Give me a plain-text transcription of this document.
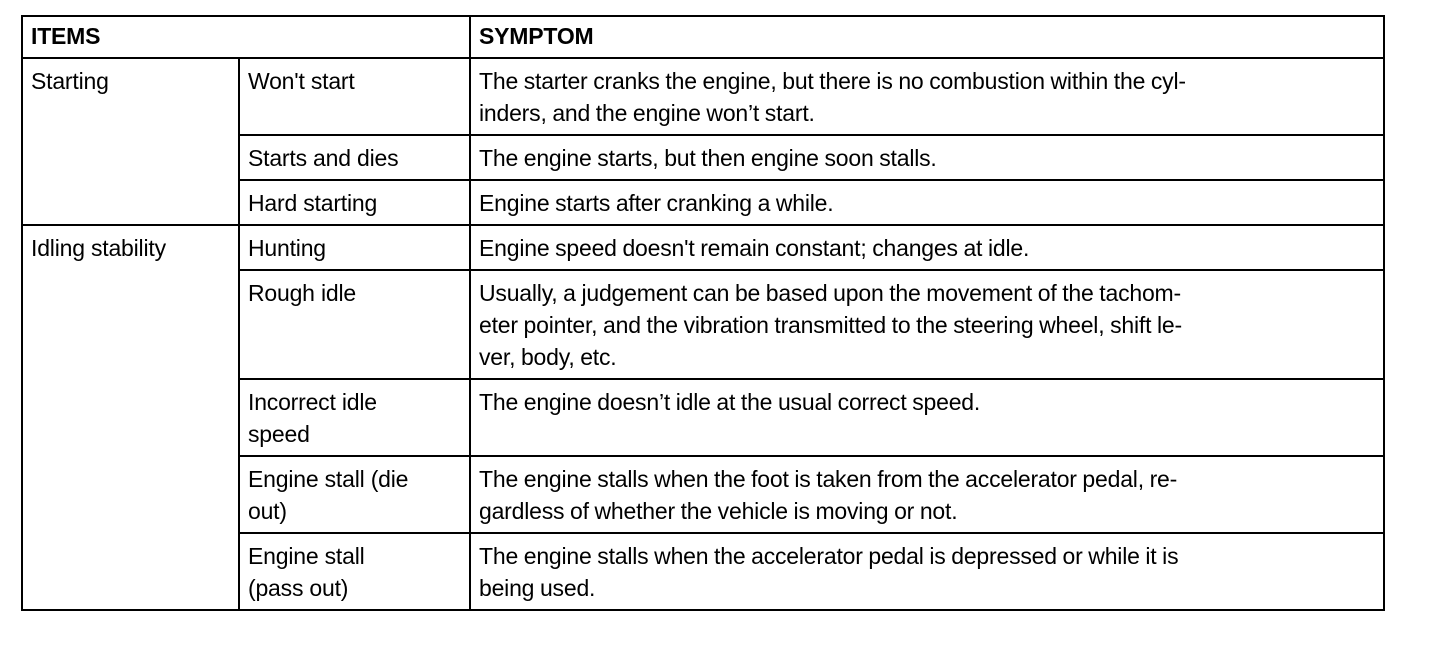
ITEMS		SYMPTOM
Starting	Won't start	The starter cranks the engine, but there is no combustion within the cyl-
inders, and the engine won’t start.
	Starts and dies	The engine starts, but then engine soon stalls.
	Hard starting	Engine starts after cranking a while.
Idling stability	Hunting	Engine speed doesn't remain constant; changes at idle.
	Rough idle	Usually, a judgement can be based upon the movement of the tachom-
eter pointer, and the vibration transmitted to the steering wheel, shift le-
ver, body, etc.
	Incorrect idle
speed	The engine doesn’t idle at the usual correct speed.
	Engine stall (die
out)	The engine stalls when the foot is taken from the accelerator pedal, re-
gardless of whether the vehicle is moving or not.
	Engine stall
(pass out)	The engine stalls when the accelerator pedal is depressed or while it is
being used.
